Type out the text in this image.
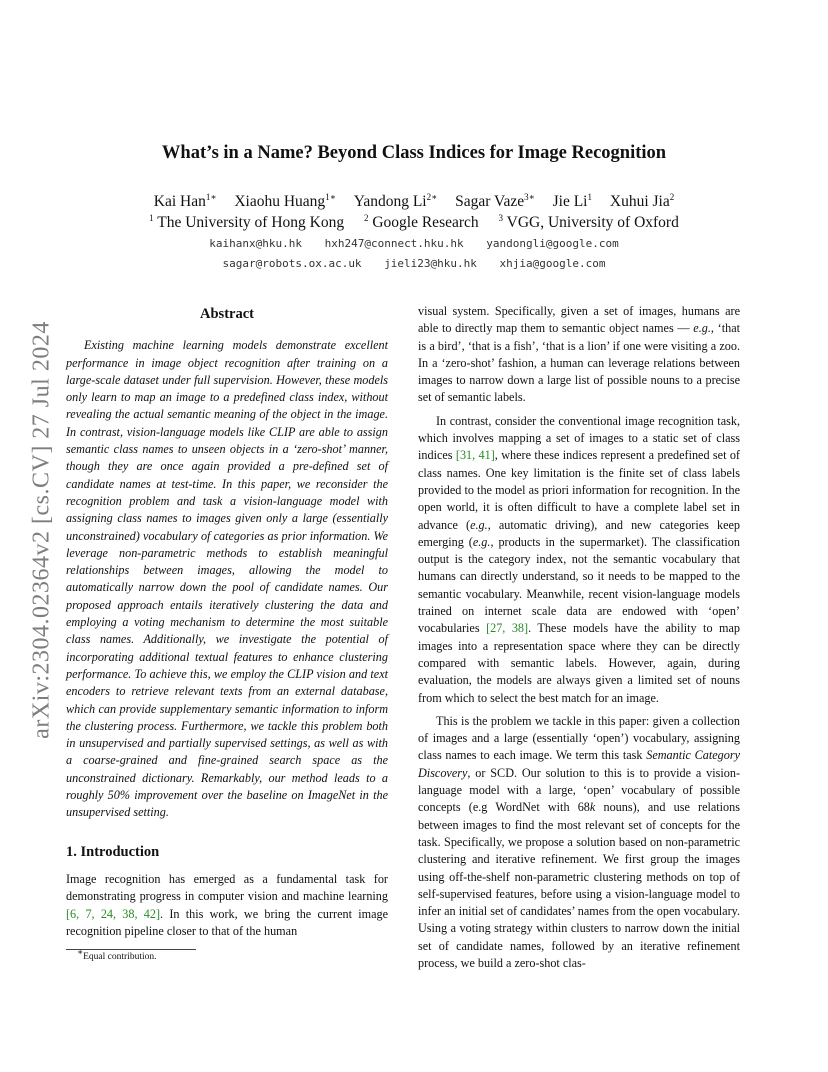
arXiv:2304.02364v2 [cs.CV] 27 Jul 2024
What’s in a Name? Beyond Class Indices for Image Recognition
Kai Han$^{1∗}$ Xiaohu Huang$^{1∗}$ Yandong $Li^{2∗}$ Sagar Vaze$^{3∗}$ Jie Li$^1$ Xuhui Jia$^2$
$^1$ The University of Hong Kong $^2$ Google Research $^3$ VGG, University of Oxford
kaihanx@hku.hk hxh247@connect.hku.hk yandongli@google.com
sagar@robots.ox.ac.uk jieli23@hku.hk xhjia@google.com
Abstract

Existing machine learning models demonstrate excellent performance in image object recognition after training on a large-scale dataset under full supervision. However, these models only learn to map an image to a predefined class index, without revealing the actual semantic meaning of the object in the image. In contrast, vision-language models like CLIP are able to assign semantic class names to unseen objects in a ‘zero-shot’ manner, though they are once again provided a pre-defined set of candidate names at test-time. In this paper, we reconsider the recognition problem and task a vision-language model with assigning class names to images given only a large (essentially unconstrained) vocabulary of categories as prior information. We leverage non-parametric methods to establish meaningful relationships between images, allowing the model to automatically narrow down the pool of candidate names. Our proposed approach entails iteratively clustering the data and employing a voting mechanism to determine the most suitable class names. Additionally, we investigate the potential of incorporating additional textual features to enhance clustering performance. To achieve this, we employ the CLIP vision and text encoders to retrieve relevant texts from an external database, which can provide supplementary semantic information to inform the clustering process. Furthermore, we tackle this problem both in unsupervised and partially supervised settings, as well as with a coarse-grained and fine-grained search space as the unconstrained dictionary. Remarkably, our method leads to a roughly 50% improvement over the baseline on ImageNet in the unsupervised setting.

1. Introduction

Image recognition has emerged as a fundamental task for demonstrating progress in computer vision and machine learning [6, 7, 24, 38, 42]. In this work, we bring the current image recognition pipeline closer to that of the human

visual system. Specifically, given a set of images, humans are able to directly map them to semantic object names — e.g., ‘that is a bird’, ‘that is a fish’, ‘that is a lion’ if one were visiting a zoo. In a ‘zero-shot’ fashion, a human can leverage relations between images to narrow down a large list of possible nouns to a precise set of semantic labels.

In contrast, consider the conventional image recognition task, which involves mapping a set of images to a static set of class indices [31, 41], where these indices represent a predefined set of class names. One key limitation is the finite set of class labels provided to the model as priori information for recognition. In the open world, it is often difficult to have a complete label set in advance (e.g., automatic driving), and new categories keep emerging (e.g., products in the supermarket). The classification output is the category index, not the semantic vocabulary that humans can directly understand, so it needs to be mapped to the semantic vocabulary. Meanwhile, recent vision-language models trained on internet scale data are endowed with ‘open’ vocabularies [27, 38]. These models have the ability to map images into a representation space where they can be directly compared with semantic labels. However, again, during evaluation, the models are always given a limited set of nouns from which to select the best match for an image.

This is the problem we tackle in this paper: given a collection of images and a large (essentially ‘open’) vocabulary, assigning class names to each image. We term this task Semantic Category Discovery, or SCD. Our solution to this is to provide a vision-language model with a large, ‘open’ vocabulary of possible concepts (e.g WordNet with 68k nouns), and use relations between images to find the most relevant set of concepts for the task. Specifically, we propose a solution based on non-parametric clustering and iterative refinement. We first group the images using off-the-shelf non-parametric clustering methods on top of self-supervised features, before using a vision-language model to infer an initial set of candidates’ names from the open vocabulary. Using a voting strategy within clusters to narrow down the initial set of candidate names, followed by an iterative refinement process, we build a zero-shot clas-

∗Equal contribution.
